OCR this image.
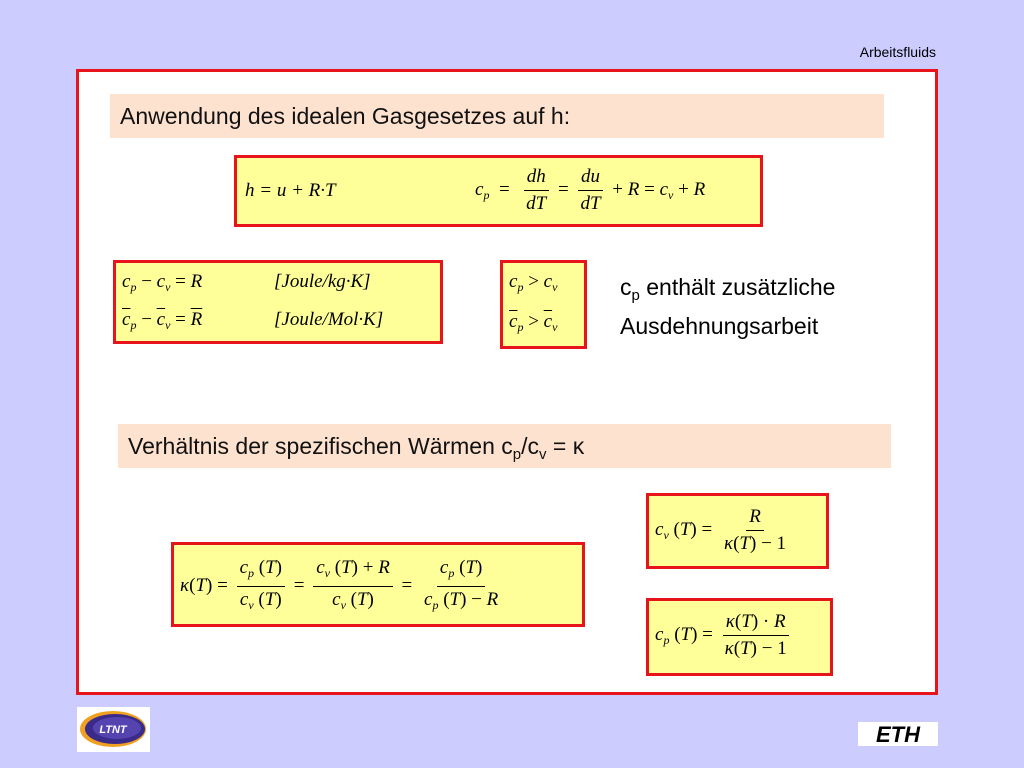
Arbeitsfluids
Anwendung des idealen Gasgesetzes auf h:
h = u + R·T	$c_p = \frac{dh}{dT} = \frac{du}{dT} + R = c_v + R$
$c_p - c_v = R$	[Joule/kg·K]
$\overline{c}_p - \overline{c}_v = \overline{R}$	[Joule/Mol·K]
$c_p > c_v$
$\overline{c}_p > \overline{c}_v$
$c_p$ enthält zusätzliche
Ausdehnungsarbeit
Verhältnis der spezifischen Wärmen $c_p/c_v = \kappa$
$c_v$ $(T) = \frac{R}{\kappa(T) - 1}$
$\kappa(T) = \frac{c_p (T)}{c_v (T)} = \frac{c_v (T) + R}{c_v (T)} = \frac{c_p (T)}{c_p (T) - R}$
$c_p$ $(T) = \frac{\kappa(T) \cdot R}{\kappa(T) - 1}$
LTNT	ETH
